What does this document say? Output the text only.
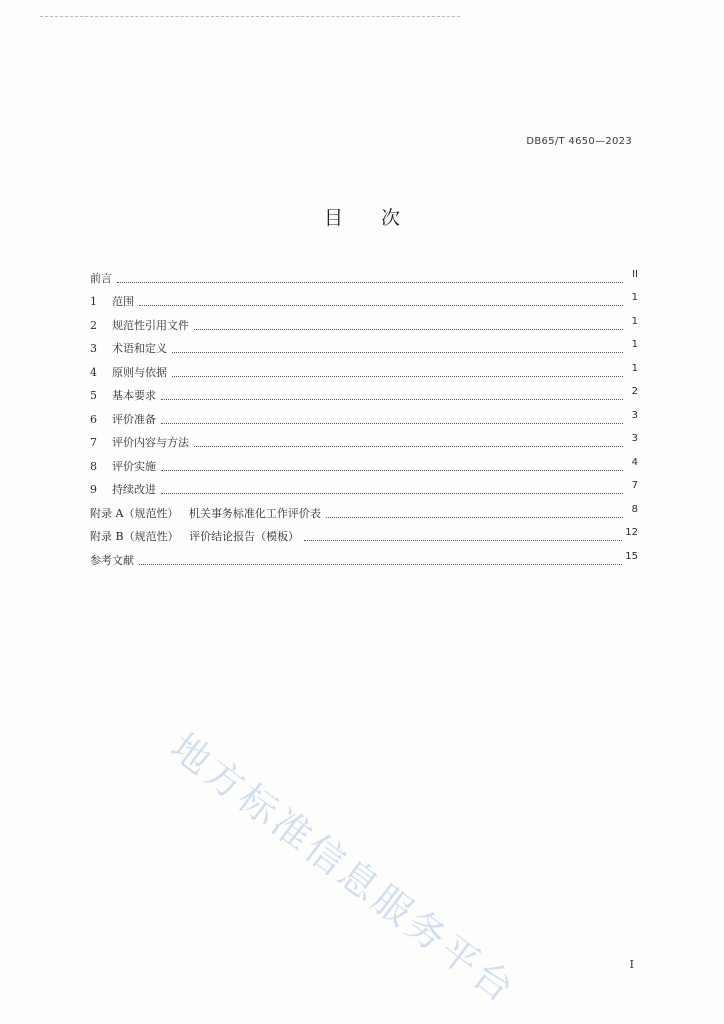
DB65/T 4650—2023
目次
前言	II
1 范围	1
2 规范性引用文件	1
3 术语和定义	1
4 原则与依据	1
5 基本要求	2
6 评价准备	3
7 评价内容与方法	3
8 评价实施	4
9 持续改进	7
附录 A（规范性）   机关事务标准化工作评价表	8
附录 B（规范性）   评价结论报告（模板）	12
参考文献	15
地方标准信息服务平台	I
